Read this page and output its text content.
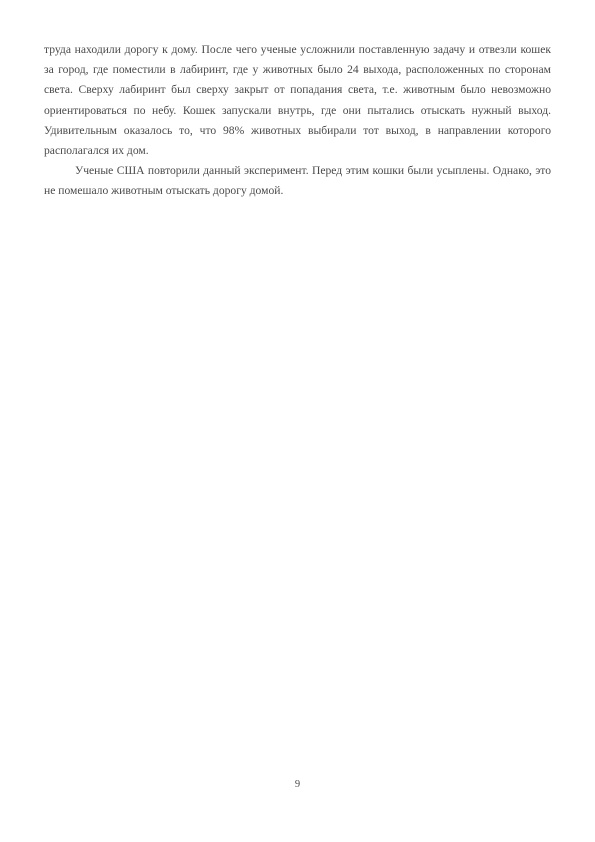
труда находили дорогу к дому. После чего ученые усложнили поставленную задачу и отвезли кошек за город, где поместили в лабиринт, где у животных было 24 выхода, расположенных по сторонам света. Сверху лабиринт был сверху закрыт от попадания света, т.е. животным было невозможно ориентироваться по небу. Кошек запускали внутрь, где они пытались отыскать нужный выход. Удивительным оказалось то, что 98% животных выбирали тот выход, в направлении которого располагался их дом.

Ученые США повторили данный эксперимент. Перед этим кошки были усыплены. Однако, это не помешало животным отыскать дорогу домой.

9
